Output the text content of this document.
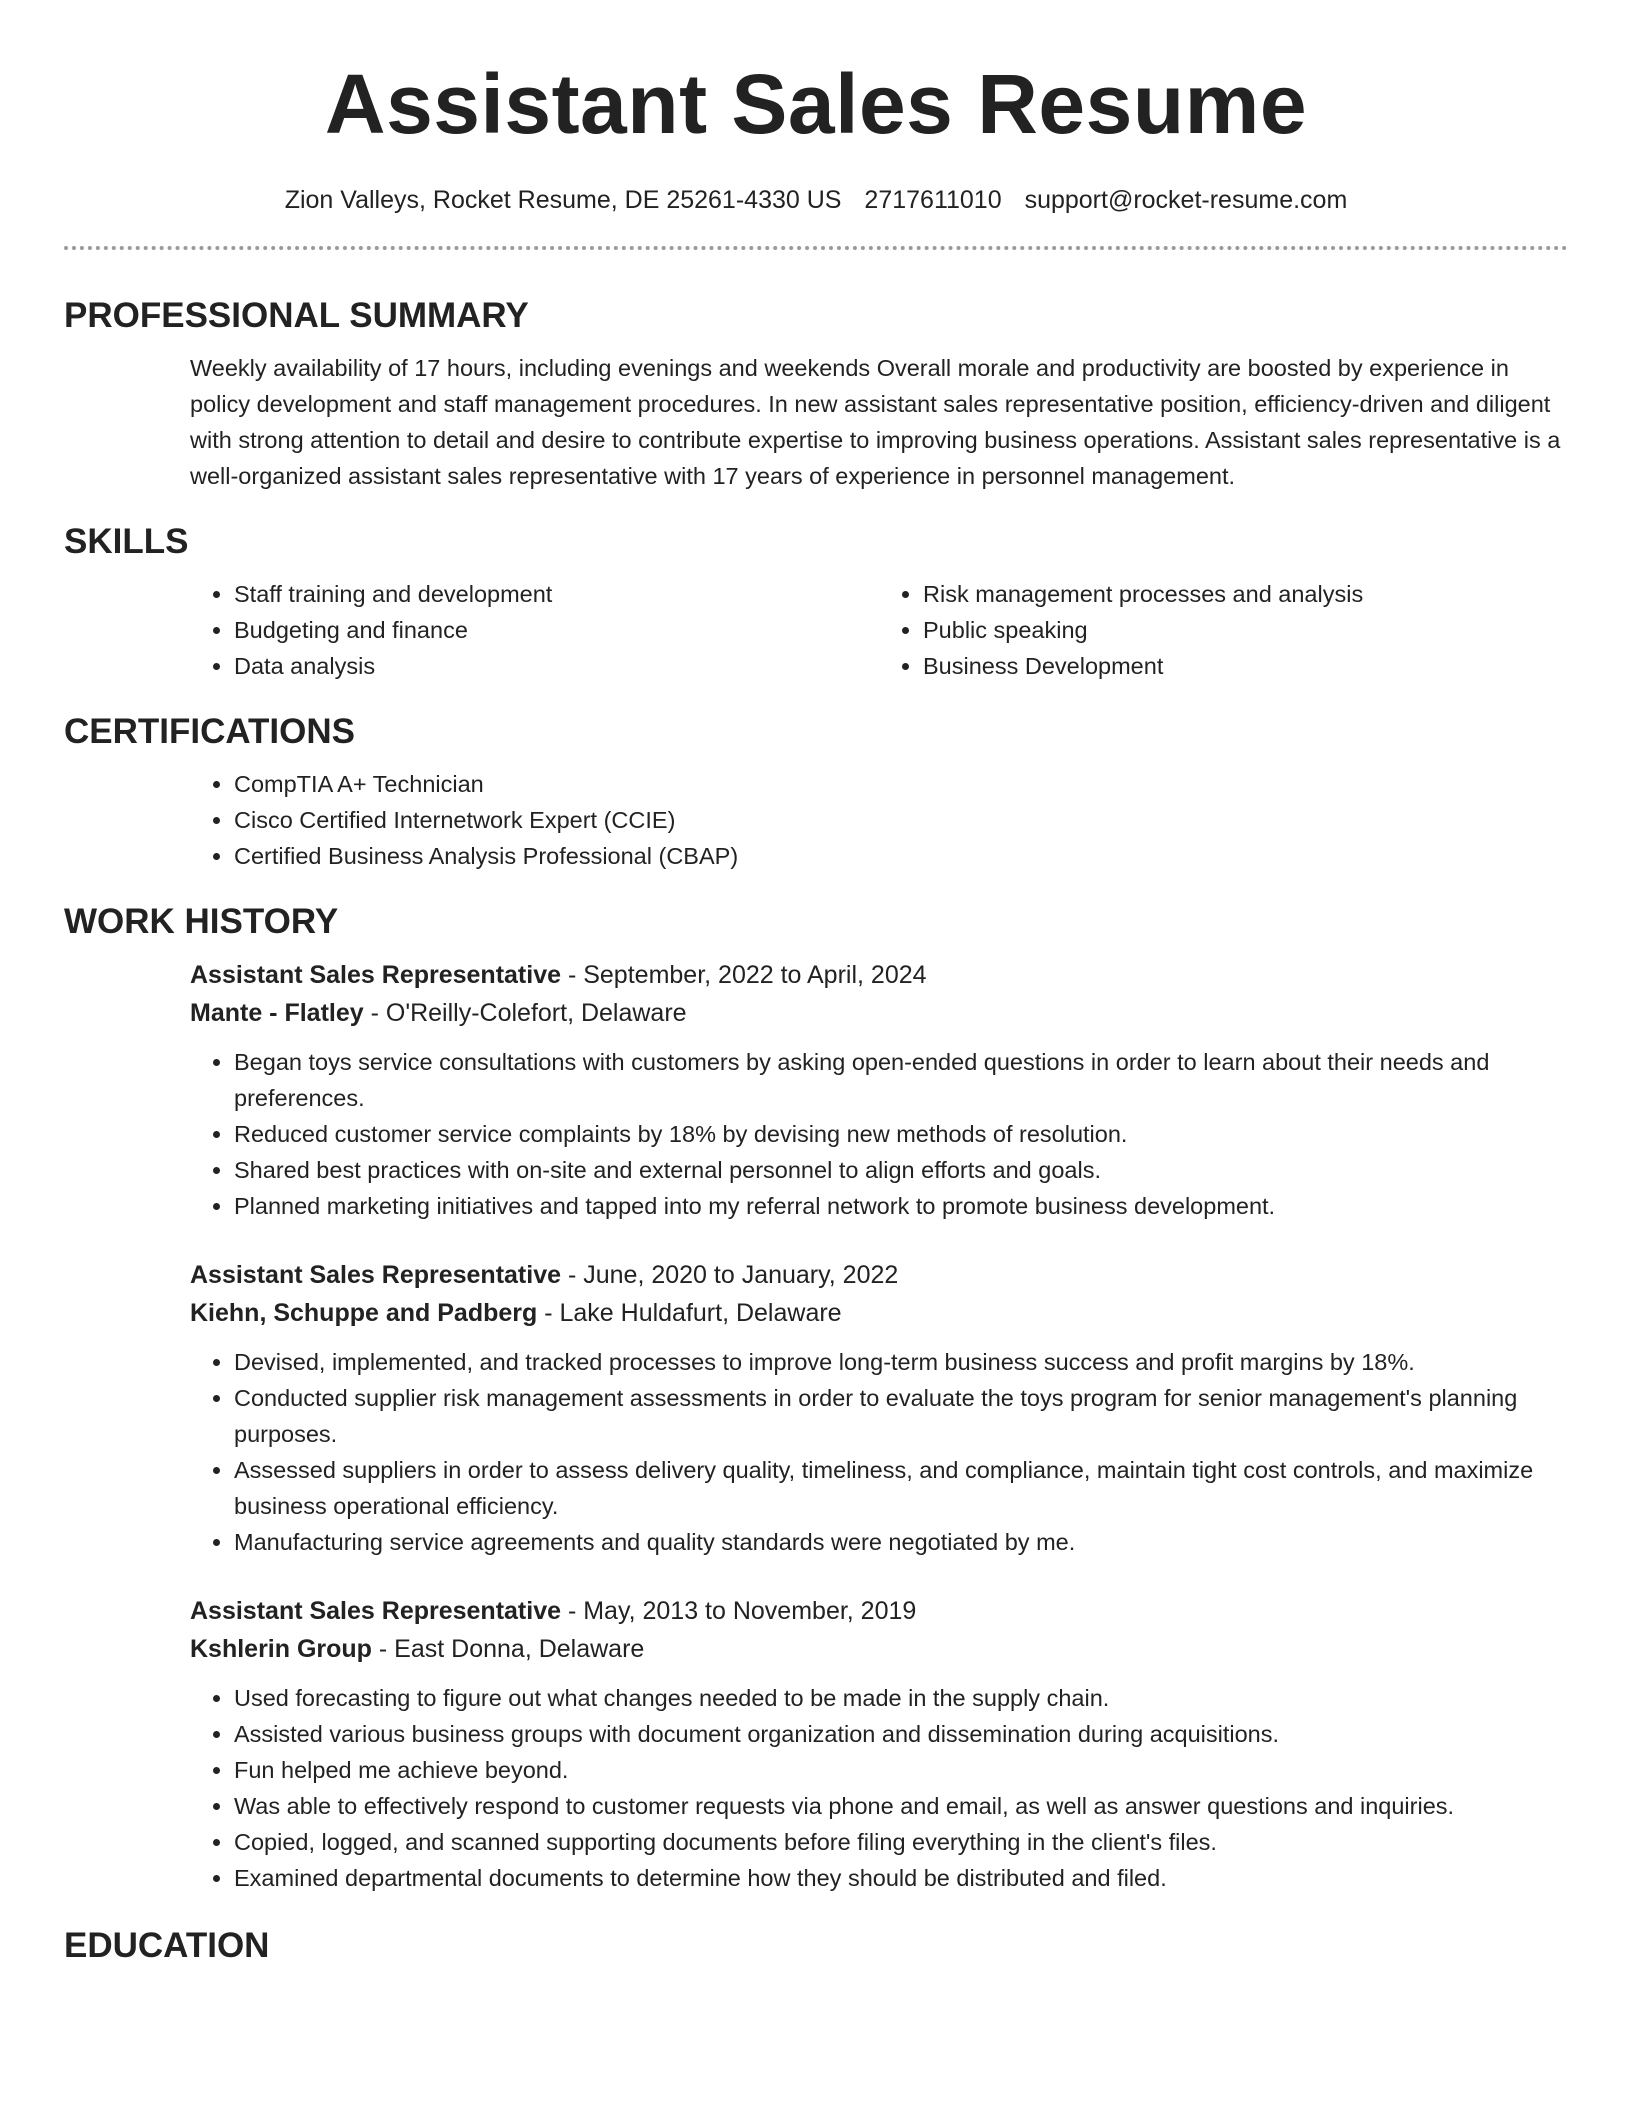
Assistant Sales Resume
Zion Valleys, Rocket Resume, DE 25261-4330 US 2717611010 support@rocket-resume.com
PROFESSIONAL SUMMARY

Weekly availability of 17 hours, including evenings and weekends Overall morale and productivity are boosted by experience in policy development and staff management procedures. In new assistant sales representative position, efficiency-driven and diligent with strong attention to detail and desire to contribute expertise to improving business operations. Assistant sales representative is a well-organized assistant sales representative with 17 years of experience in personnel management.

SKILLS
• Staff training and development
• Budgeting and finance
• Data analysis
• Risk management processes and analysis
• Public speaking
• Business Development
CERTIFICATIONS
• CompTIA A+ Technician
• Cisco Certified Internetwork Expert (CCIE)
• Certified Business Analysis Professional (CBAP)
WORK HISTORY
Assistant Sales Representative - September, 2022 to April, 2024
Mante - Flatley - O'Reilly-Colefort, Delaware
• Began toys service consultations with customers by asking open-ended questions in order to learn about their needs and preferences.
• Reduced customer service complaints by 18% by devising new methods of resolution.
• Shared best practices with on-site and external personnel to align efforts and goals.
• Planned marketing initiatives and tapped into my referral network to promote business development.
Assistant Sales Representative - June, 2020 to January, 2022
Kiehn, Schuppe and Padberg - Lake Huldafurt, Delaware
• Devised, implemented, and tracked processes to improve long-term business success and profit margins by 18%.
• Conducted supplier risk management assessments in order to evaluate the toys program for senior management's planning purposes.
• Assessed suppliers in order to assess delivery quality, timeliness, and compliance, maintain tight cost controls, and maximize business operational efficiency.
• Manufacturing service agreements and quality standards were negotiated by me.
Assistant Sales Representative - May, 2013 to November, 2019
Kshlerin Group - East Donna, Delaware
• Used forecasting to figure out what changes needed to be made in the supply chain.
• Assisted various business groups with document organization and dissemination during acquisitions.
• Fun helped me achieve beyond.
• Was able to effectively respond to customer requests via phone and email, as well as answer questions and inquiries.
• Copied, logged, and scanned supporting documents before filing everything in the client's files.
• Examined departmental documents to determine how they should be distributed and filed.
EDUCATION
